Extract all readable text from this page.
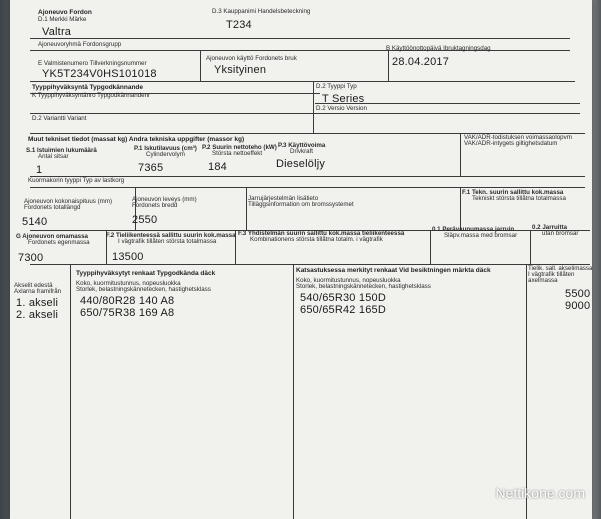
Ajoneuvo Fordon
D.1 Merkki Märke
Valtra
D.3 Kauppanimi Handelsbeteckning
T234
Ajoneuvoryhmä Fordonsgrupp
E Valmistenumero Tillverkningsnummer
YK5T234V0HS101018
Ajoneuvon käyttö Fordonets bruk
Yksityinen
B Käyttöönottopäivä Ibruktagningsdag
28.04.2017
Tyyppihyväksyntä Typgodkännande
K Tyyppihyväksyntänro Typgodkännandenr
D.2 Tyyppi Typ
T Series
D.2 Versio Version
D.2 Variantti Variant
Muut tekniset tiedot (massat kg) Andra tekniska uppgifter (massor kg)	VAK/ADR-todistuksen voimassaolopvm
VAK/ADR-intygets giltighetsdatum
S.1 Istuimien lukumäärä
Antal sitsar
1
P.1 Iskutilavuus (cm³)
Cylindervolym
7365
P.2 Suurin nettoteho (kW)
Största nettoeffekt
184
P.3 Käyttövoima
Drivkraft
Dieselöljy
Kuormakorin tyyppi Typ av lastkorg
Ajoneuvon kokonaispituus (mm)
Fordonets totallängd
5140
Ajoneuvon leveys (mm)
Fordonets bredd
2550
Jarrujärjestelmän lisätieto
Tilläggsinformation om bromssystemet
F.1 Tekn. suurin sallittu kok.massa
Tekniskt största tillåtna totalmassa
G Ajoneuvon omamassa
Fordonets egenmassa
7300
F.2 Tieliikenteessä sallittu suurin kok.massa
I vägtrafik tillåten största totalmassa
13500
F.3 Yhdistelmän suurin sallittu kok.massa tieliikenteessä
Kombinationens största tillåtna totalm. i vägtrafik
0.1 Perävaunumassa jarruin
Släpv.massa med bromsar
0.2 Jarruitta
utan bromsar
Akselit edestä
Axlarna framifrån
1. akseli
2. akseli
Tyyppihyväksytyt renkaat Typgodkända däck
Koko, kuormitustunnus, nopeusluokka
Storlek, belastningskännetecken, hastighetsklass
440/80R28 140 A8
650/75R38 169 A8
Katsastuksessa merkityt renkaat Vid besiktningen märkta däck
Koko, kuormitustunnus, nopeusluokka
Storlek, belastningskännetecken, hastighetsklass
540/65R30 150D
650/65R42 165D
Tielik. sall. akselimassa
I vägtrafik tillåten
axelmassa
5500
9000
Nettikone.com
